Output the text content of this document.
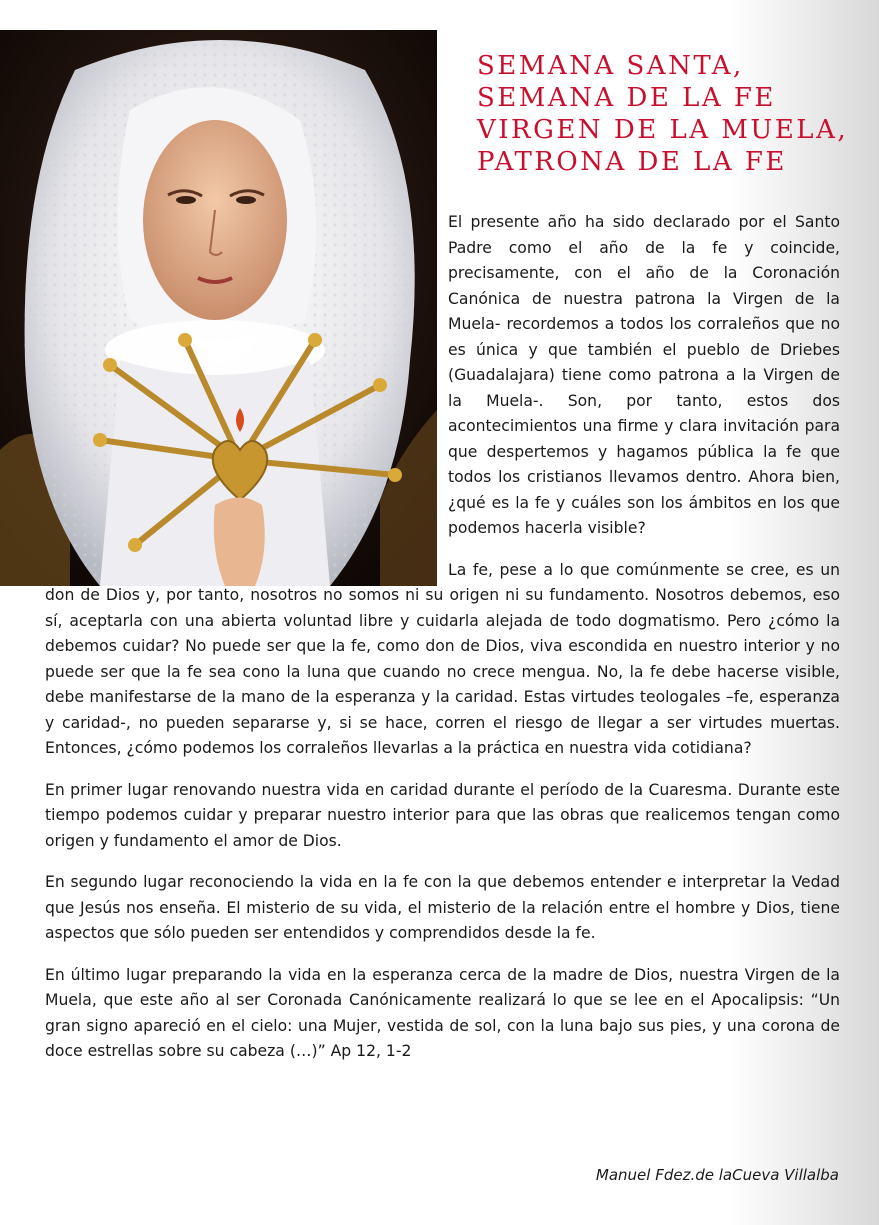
SEMANA SANTA,
SEMANA DE LA FE
VIRGEN DE LA MUELA,
PATRONA DE LA FE

El presente año ha sido declarado por el Santo Padre como el año de la fe y coincide, precisamente, con el año de la Coronación Canónica de nuestra patrona la Virgen de la Muela- recordemos a todos los corraleños que no es única y que también el pueblo de Driebes (Guadalajara) tiene como patrona a la Virgen de la Muela-. Son, por tanto, estos dos acontecimientos una firme y clara invitación para que despertemos y hagamos pública la fe que todos los cristianos llevamos dentro. Ahora bien, ¿qué es la fe y cuáles son los ámbitos en los que podemos hacerla visible?

La fe, pese a lo que comúnmente se cree, es un don de Dios y, por tanto, nosotros no somos ni su origen ni su fundamento. Nosotros debemos, eso sí, aceptarla con una abierta voluntad libre y cuidarla alejada de todo dogmatismo. Pero ¿cómo la debemos cuidar? No puede ser que la fe, como don de Dios, viva escondida en nuestro interior y no puede ser que la fe sea cono la luna que cuando no crece mengua. No, la fe debe hacerse visible, debe manifestarse de la mano de la esperanza y la caridad. Estas virtudes teologales –fe, esperanza y caridad-, no pueden separarse y, si se hace, corren el riesgo de llegar a ser virtudes muertas. Entonces, ¿cómo podemos los corraleños llevarlas a la práctica en nuestra vida cotidiana?

En primer lugar renovando nuestra vida en caridad durante el período de la Cuaresma. Durante este tiempo podemos cuidar y preparar nuestro interior para que las obras que realicemos tengan como origen y fundamento el amor de Dios.

En segundo lugar reconociendo la vida en la fe con la que debemos entender e interpretar la Vedad que Jesús nos enseña. El misterio de su vida, el misterio de la relación entre el hombre y Dios, tiene aspectos que sólo pueden ser entendidos y comprendidos desde la fe.

En último lugar preparando la vida en la esperanza cerca de la madre de Dios, nuestra Virgen de la Muela, que este año al ser Coronada Canónicamente realizará lo que se lee en el Apocalipsis: “Un gran signo apareció en el cielo: una Mujer, vestida de sol, con la luna bajo sus pies, y una corona de doce estrellas sobre su cabeza (…)” Ap 12, 1-2

Manuel Fdez.de laCueva Villalba
